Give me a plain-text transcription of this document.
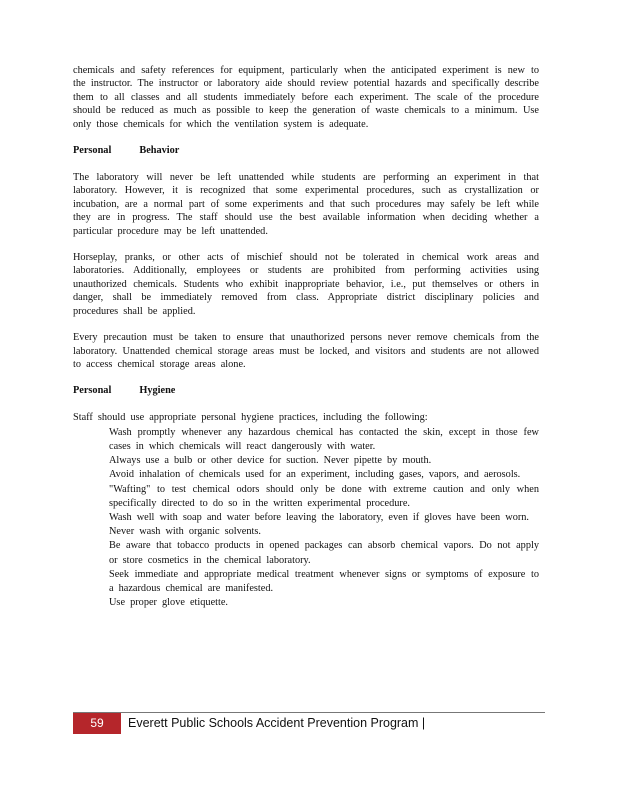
chemicals and safety references for equipment, particularly when the anticipated experiment is new to the instructor. The instructor or laboratory aide should review potential hazards and specifically describe them to all classes and all students immediately before each experiment. The scale of the procedure should be reduced as much as possible to keep the generation of waste chemicals to a minimum. Use only those chemicals for which the ventilation system is adequate.

Personal	Behavior

The laboratory will never be left unattended while students are performing an experiment in that laboratory. However, it is recognized that some experimental procedures, such as crystallization or incubation, are a normal part of some experiments and that such procedures may safely be left while they are in progress. The staff should use the best available information when deciding whether a particular procedure may be left unattended.

Horseplay, pranks, or other acts of mischief should not be tolerated in chemical work areas and laboratories. Additionally, employees or students are prohibited from performing activities using unauthorized chemicals. Students who exhibit inappropriate behavior, i.e., put themselves or others in danger, shall be immediately removed from class. Appropriate district disciplinary policies and procedures shall be applied.

Every precaution must be taken to ensure that unauthorized persons never remove chemicals from the laboratory. Unattended chemical storage areas must be locked, and visitors and students are not allowed to access chemical storage areas alone.

Personal	Hygiene

Staff should use appropriate personal hygiene practices, including the following:

Wash promptly whenever any hazardous chemical has contacted the skin, except in those few cases in which chemicals will react dangerously with water.
Always use a bulb or other device for suction. Never pipette by mouth.
Avoid inhalation of chemicals used for an experiment, including gases, vapors, and aerosols.
"Wafting" to test chemical odors should only be done with extreme caution and only when specifically directed to do so in the written experimental procedure.
Wash well with soap and water before leaving the laboratory, even if gloves have been worn.
Never wash with organic solvents.
Be aware that tobacco products in opened packages can absorb chemical vapors. Do not apply or store cosmetics in the chemical laboratory.
Seek immediate and appropriate medical treatment whenever signs or symptoms of exposure to a hazardous chemical are manifested.
Use proper glove etiquette.
59	Everett Public Schools Accident Prevention Program |
